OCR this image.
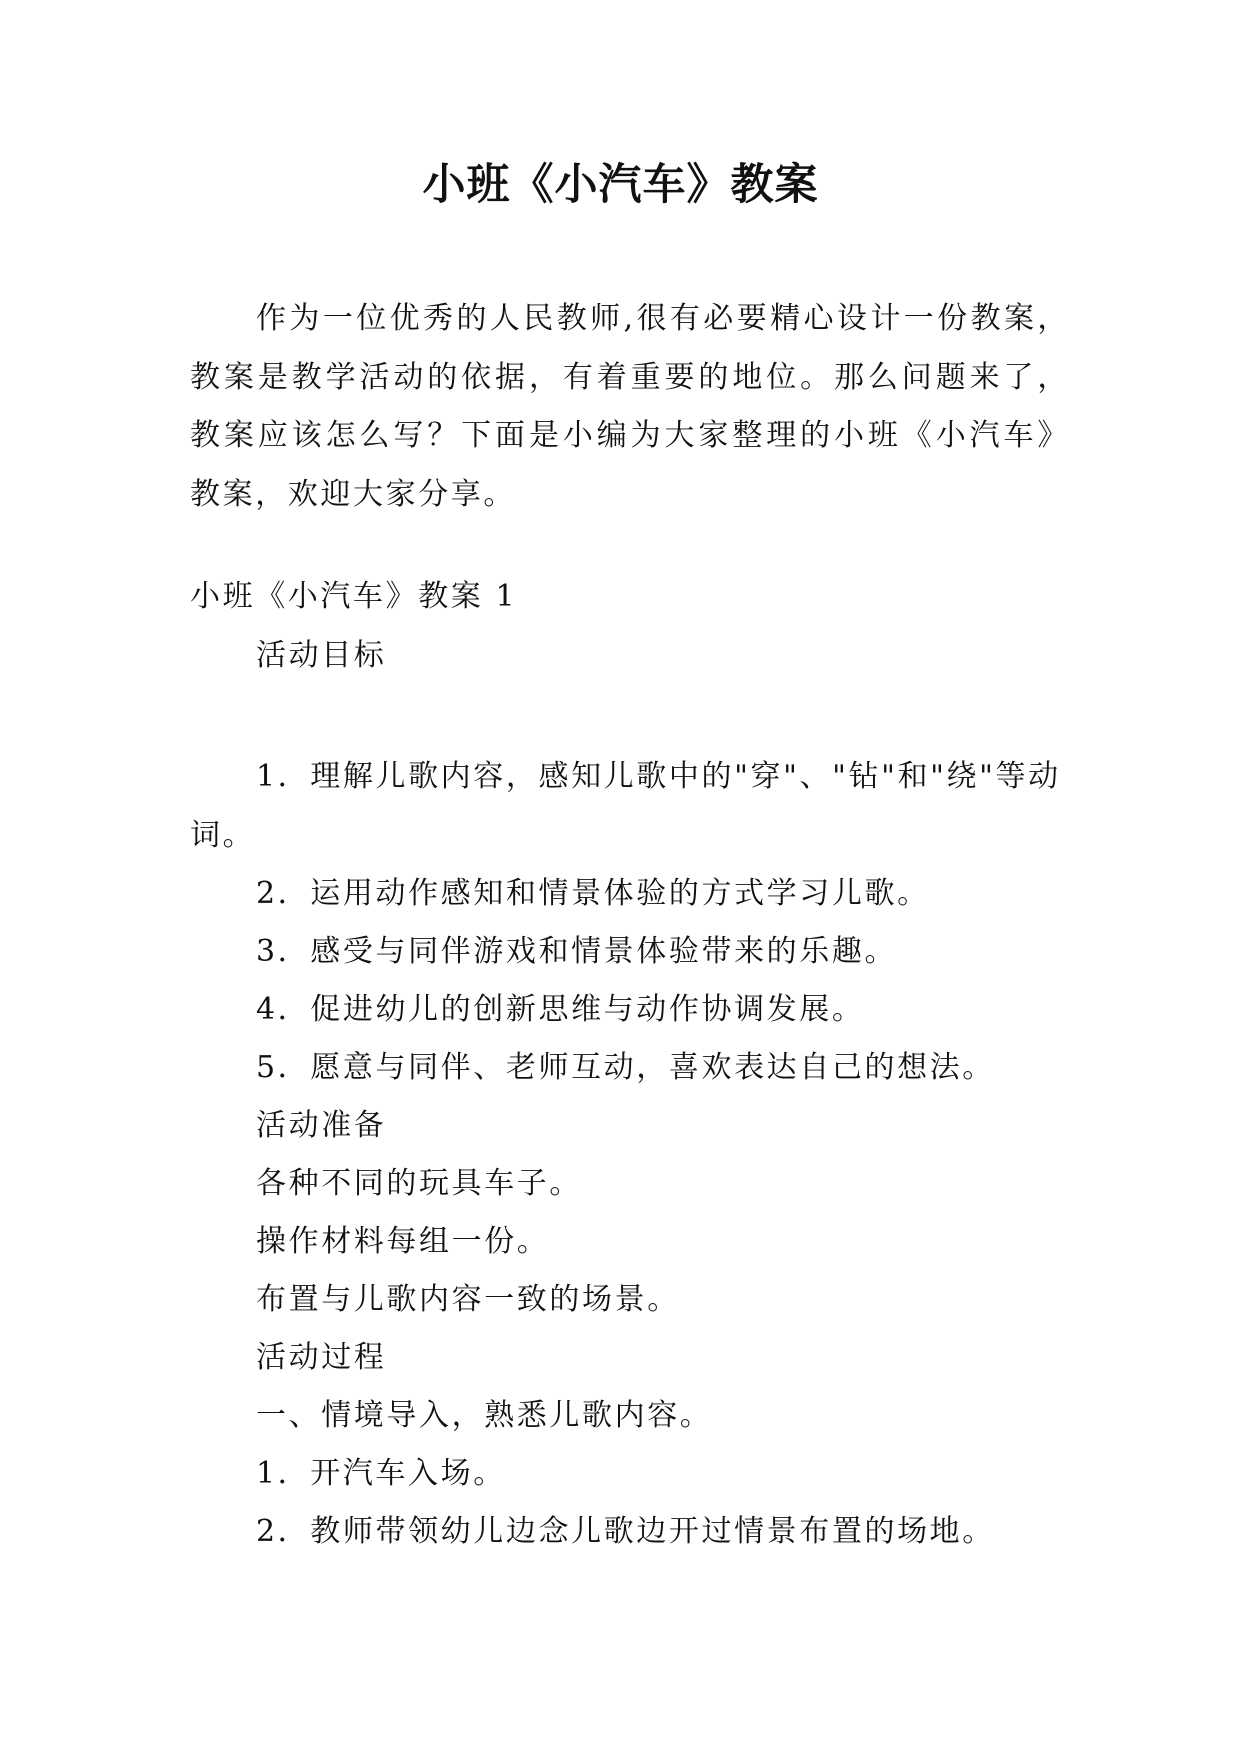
小班《小汽车》教案
作为一位优秀的人民教师,很有必要精心设计一份教案，教案是教学活动的依据，有着重要的地位。那么问题来了，教案应该怎么写？下面是小编为大家整理的小班《小汽车》教案，欢迎大家分享。
小班《小汽车》教案 1
活动目标
1．理解儿歌内容，感知儿歌中的"穿"、"钻"和"绕"等动词。
2．运用动作感知和情景体验的方式学习儿歌。
3．感受与同伴游戏和情景体验带来的乐趣。
4．促进幼儿的创新思维与动作协调发展。
5．愿意与同伴、老师互动，喜欢表达自己的想法。
活动准备
各种不同的玩具车子。
操作材料每组一份。
布置与儿歌内容一致的场景。
活动过程
一、情境导入，熟悉儿歌内容。
1．开汽车入场。
2．教师带领幼儿边念儿歌边开过情景布置的场地。
